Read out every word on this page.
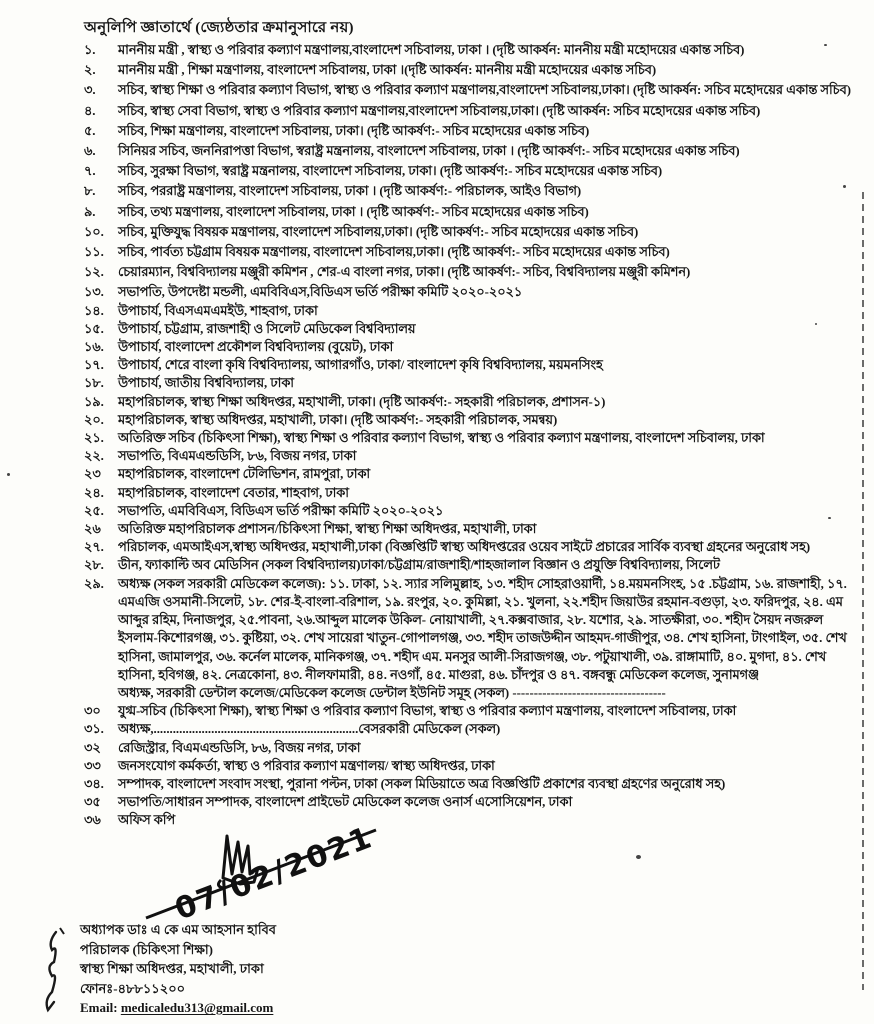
অনুলিপি জ্ঞাতার্থে (জ্যেষ্ঠতার ক্রমানুসারে নয়)
১.	মাননীয় মন্ত্রী , স্বাস্থ্য ও পরিবার কল্যাণ মন্ত্রণালয়,বাংলাদেশ সচিবালয়, ঢাকা । (দৃষ্টি আকর্ষন: মাননীয় মন্ত্রী মহোদয়ের একান্ত সচিব)
২.	মাননীয় মন্ত্রী , শিক্ষা মন্ত্রণালয়, বাংলাদেশ সচিবালয়, ঢাকা ।(দৃষ্টি আকর্ষন: মাননীয় মন্ত্রী মহোদয়ের একান্ত সচিব)
৩.	সচিব, স্বাস্থ্য শিক্ষা ও পরিবার কল্যাণ বিভাগ, স্বাস্থ্য ও পরিবার কল্যাণ মন্ত্রণালয়,বাংলাদেশ সচিবালয়,ঢাকা। (দৃষ্টি আকর্ষন: সচিব মহোদয়ের একান্ত সচিব)
৪.	সচিব, স্বাস্থ্য সেবা বিভাগ, স্বাস্থ্য ও পরিবার কল্যাণ মন্ত্রণালয়,বাংলাদেশ সচিবালয়,ঢাকা। (দৃষ্টি আকর্ষন: সচিব মহোদয়ের একান্ত সচিব)
৫.	সচিব, শিক্ষা মন্ত্রণালয়, বাংলাদেশ সচিবালয়, ঢাকা। (দৃষ্টি আকর্ষণ:- সচিব মহোদয়ের একান্ত সচিব)
৬.	সিনিয়র সচিব, জননিরাপত্তা বিভাগ, স্বরাষ্ট্র মন্ত্রনালয়, বাংলাদেশ সচিবালয়, ঢাকা । (দৃষ্টি আকর্ষণ:- সচিব মহোদয়ের একান্ত সচিব)
৭.	সচিব, সুরক্ষা বিভাগ, স্বরাষ্ট্র মন্ত্রনালয়, বাংলাদেশ সচিবালয়, ঢাকা। (দৃষ্টি আকর্ষণ:- সচিব মহোদয়ের একান্ত সচিব)
৮.	সচিব, পররাষ্ট্র মন্ত্রণালয়, বাংলাদেশ সচিবালয়, ঢাকা । (দৃষ্টি আকর্ষণ:- পরিচালক, আইও বিভাগ)
৯.	সচিব, তথ্য মন্ত্রণালয়, বাংলাদেশ সচিবালয়, ঢাকা । (দৃষ্টি আকর্ষণ:- সচিব মহোদয়ের একান্ত সচিব)
১০.	সচিব, মুক্তিযুদ্ধ বিষয়ক মন্ত্রণালয়, বাংলাদেশ সচিবালয়,ঢাকা। (দৃষ্টি আকর্ষণ:- সচিব মহোদয়ের একান্ত সচিব)
১১.	সচিব, পার্বত্য চট্টগ্রাম বিষয়ক মন্ত্রণালয়, বাংলাদেশ সচিবালয়,ঢাকা। (দৃষ্টি আকর্ষণ:- সচিব মহোদয়ের একান্ত সচিব)
১২.	চেয়ারম্যান, বিশ্ববিদ্যালয় মঞ্জুরী কমিশন , শের-এ বাংলা নগর, ঢাকা। (দৃষ্টি আকর্ষণ:- সচিব, বিশ্ববিদ্যালয় মঞ্জুরী কমিশন)
১৩.	সভাপতি, উপদেষ্টা মন্ডলী, এমবিবিএস,বিডিএস ভর্তি পরীক্ষা কমিটি ২০২০-২০২১
১৪.	উপাচার্য, বিএসএমএমইউ, শাহবাগ, ঢাকা
১৫.	উপাচার্য, চট্টগ্রাম, রাজশাহী ও সিলেট মেডিকেল বিশ্ববিদ্যালয়
১৬.	উপাচার্য, বাংলাদেশ প্রকৌশল বিশ্ববিদ্যালয় (বুয়েট), ঢাকা
১৭.	উপাচার্য, শেরে বাংলা কৃষি বিশ্ববিদ্যালয়, আগারগাঁও, ঢাকা/ বাংলাদেশ কৃষি বিশ্ববিদ্যালয়, ময়মনসিংহ
১৮.	উপাচার্য, জাতীয় বিশ্ববিদ্যালয়, ঢাকা
১৯.	মহাপরিচালক, স্বাস্থ্য শিক্ষা অধিদপ্তর, মহাখালী, ঢাকা। (দৃষ্টি আকর্ষণ:- সহকারী পরিচালক, প্রশাসন-১)
২০.	মহাপরিচালক, স্বাস্থ্য অধিদপ্তর, মহাখালী, ঢাকা। (দৃষ্টি আকর্ষণ:- সহকারী পরিচালক, সমন্বয়)
২১.	অতিরিক্ত সচিব (চিকিৎসা শিক্ষা), স্বাস্থ্য শিক্ষা ও পরিবার কল্যাণ বিভাগ, স্বাস্থ্য ও পরিবার কল্যাণ মন্ত্রণালয়, বাংলাদেশ সচিবালয়, ঢাকা
২২.	সভাপতি, বিএমএন্ডডিসি, ৮৬, বিজয় নগর, ঢাকা
২৩	মহাপরিচালক, বাংলাদেশ টেলিভিশন, রামপুরা, ঢাকা
২৪.	মহাপরিচালক, বাংলাদেশ বেতার, শাহবাগ, ঢাকা
২৫.	সভাপতি, এমবিবিএস, বিডিএস ভর্তি পরীক্ষা কমিটি ২০২০-২০২১
২৬	অতিরিক্ত মহাপরিচালক প্রশাসন/চিকিৎসা শিক্ষা, স্বাস্থ্য শিক্ষা অধিদপ্তর, মহাখালী, ঢাকা
২৭.	পরিচালক, এমআইএস,স্বাস্থ্য অধিদপ্তর, মহাখালী,ঢাকা (বিজ্ঞপ্তিটি স্বাস্থ্য অধিদপ্তরের ওয়েব সাইটে প্রচারের সার্বিক ব্যবস্থা গ্রহনের অনুরোধ সহ)
২৮.	ডীন, ফ্যাকাল্টি অব মেডিসিন (সকল বিশ্ববিদ্যালয়)ঢাকা/চট্টগ্রাম/রাজশাহী/শাহজালাল বিজ্ঞান ও প্রযুক্তি বিশ্ববিদ্যালয়, সিলেট
২৯.	অধ্যক্ষ (সকল সরকারী মেডিকেল কলেজ): ১১. ঢাকা, ১২. স্যার সলিমুল্লাহ, ১৩. শহীদ সোহরাওয়ার্দী, ১৪.ময়মনসিংহ, ১৫ .চট্টগ্রাম, ১৬. রাজশাহী, ১৭. এমএজি ওসমানী-সিলেট, ১৮. শের-ই-বাংলা-বরিশাল, ১৯. রংপুর, ২০. কুমিল্লা, ২১. খুলনা, ২২.শহীদ জিয়াউর রহমান-বগুড়া, ২৩. ফরিদপুর, ২৪. এম আব্দুর রহিম, দিনাজপুর, ২৫.পাবনা, ২৬.আব্দুল মালেক উকিল- নোয়াখালী, ২৭.কক্সবাজার, ২৮. যশোর, ২৯. সাতক্ষীরা, ৩০. শহীদ সৈয়দ নজরুল ইসলাম-কিশোরগঞ্জ, ৩১. কুষ্টিয়া, ৩২. শেখ সায়েরা খাতুন-গোপালগঞ্জ, ৩৩. শহীদ তাজউদ্দীন আহমদ-গাজীপুর, ৩৪. শেখ হাসিনা, টাংগাইল, ৩৫. শেখ হাসিনা, জামালপুর, ৩৬. কর্নেল মালেক, মানিকগঞ্জ, ৩৭. শহীদ এম. মনসুর আলী-সিরাজগঞ্জ, ৩৮. পটুয়াখালী, ৩৯. রাঙ্গামাটি, ৪০. মুগদা, ৪১. শেখ হাসিনা, হবিগঞ্জ, ৪২. নেত্রকোনা, ৪৩. নীলফামারী, ৪৪. নওগাঁ, ৪৫. মাগুরা, ৪৬. চাঁদপুর ও ৪৭. বঙ্গবন্ধু মেডিকেল কলেজ, সুনামগঞ্জ
অধ্যক্ষ, সরকারী ডেন্টাল কলেজ/মেডিকেল কলেজ ডেন্টাল ইউনিট সমূহ (সকল) ------------------------------------
৩০	যুগ্ম-সচিব (চিকিৎসা শিক্ষা), স্বাস্থ্য শিক্ষা ও পরিবার কল্যাণ বিভাগ, স্বাস্থ্য ও পরিবার কল্যাণ মন্ত্রণালয়, বাংলাদেশ সচিবালয়, ঢাকা
৩১.	অধ্যক্ষ,................................................................বেসরকারী মেডিকেল (সকল)
৩২	রেজিস্ট্রার, বিএমএন্ডডিসি, ৮৬, বিজয় নগর, ঢাকা
৩৩	জনসংযোগ কর্মকর্তা, স্বাস্থ্য ও পরিবার কল্যাণ মন্ত্রণালয়/ স্বাস্থ্য অধিদপ্তর, ঢাকা
৩৪.	সম্পাদক, বাংলাদেশ সংবাদ সংস্থা, পুরানা পল্টন, ঢাকা (সকল মিডিয়াতে অত্র বিজ্ঞপ্তিটি প্রকাশের ব্যবস্থা গ্রহণের অনুরোধ সহ)
৩৫	সভাপতি/সাধারন সম্পাদক, বাংলাদেশ প্রাইভেট মেডিকেল কলেজ ওনার্স এসোসিয়েশন, ঢাকা
৩৬	অফিস কপি
07/02/2021
অধ্যাপক ডাঃ এ কে এম আহসান হাবিব
পরিচালক (চিকিৎসা শিক্ষা)
স্বাস্থ্য শিক্ষা অধিদপ্তর, মহাখালী, ঢাকা
ফোনঃ-৪৮৮১১২০০
Email: medicaledu313@gmail.com
